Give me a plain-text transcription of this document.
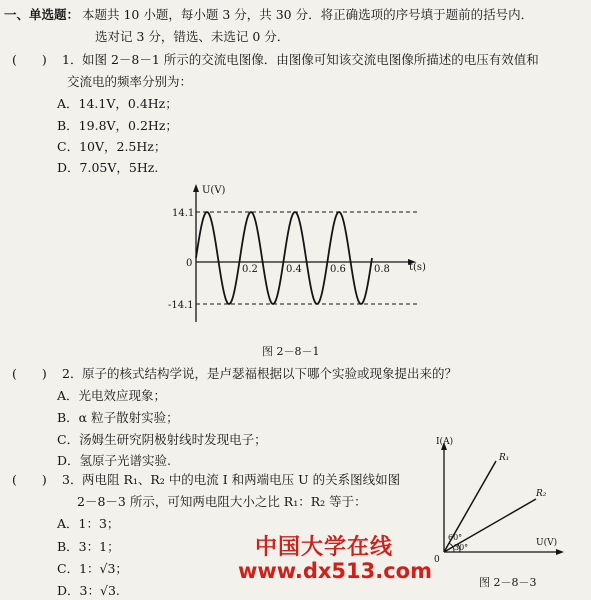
一、单选题： 本题共 10 小题，每小题 3 分，共 30 分．将正确选项的序号填于题前的括号内．
选对记 3 分，错选、未选记 0 分．
(　　) 1． 如图 2－8－1 所示的交流电图像．由图像可知该交流电图像所描述的电压有效值和
交流电的频率分别为：
A．14.1V，0.4Hz；
B．19.8V，0.2Hz；
C．10V，2.5Hz；
D．7.05V，5Hz.
U(V)
t(s)
0
14.1
-14.1
0.2	0.4	0.6	0.8
图 2－8－1
(　　) 2． 原子的核式结构学说，是卢瑟福根据以下哪个实验或现象提出来的？
A．光电效应现象；
B．α 粒子散射实验；
C．汤姆生研究阴极射线时发现电子；
D．氢原子光谱实验.
(　　) 3． 两电阻 R₁、R₂ 中的电流 I 和两端电压 U 的关系图线如图
2－8－3 所示，可知两电阻大小之比 R₁：R₂ 等于：
A．1：3；
B．3：1；
C．1：√3；
D．3：√3.
I(A)
U(V)
0
R₁
R₂
60°
30°
图 2－8－3
中国大学在线
www.dx513.com
